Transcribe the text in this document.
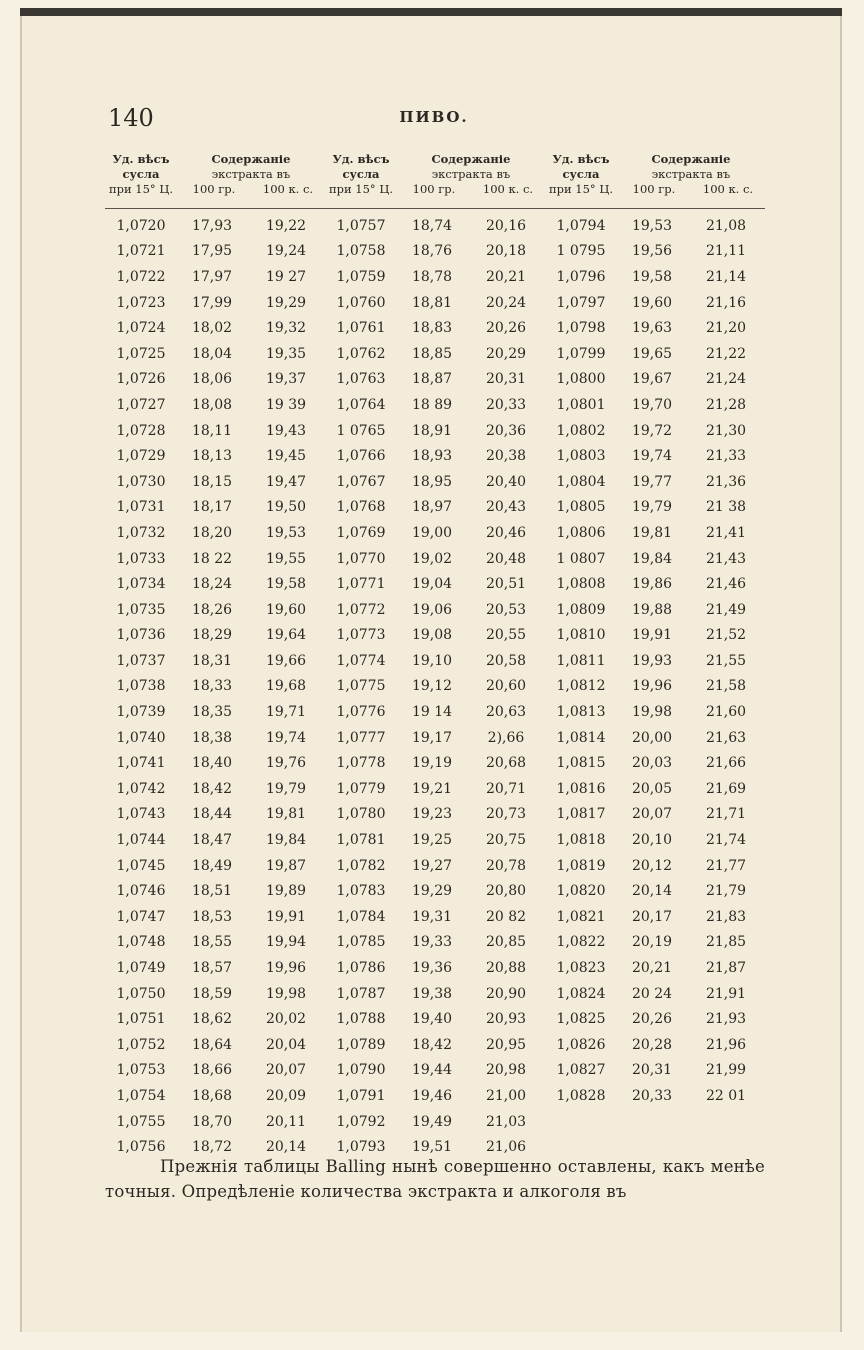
140	ПИВО.
Уд. вѣсъ
сусла
при 15° Ц.
Содержаніе
экстракта въ
100 гр.	100 к. с.
Уд. вѣсъ
сусла
при 15° Ц.
Содержаніе
экстракта въ
100 гр.	100 к. с.
Уд. вѣсъ
сусла
при 15° Ц.
Содержаніе
экстракта въ
100 гр.	100 к. с.
1,0720	17,93	19,22
1,0721	17,95	19,24
1,0722	17,97	19 27
1,0723	17,99	19,29
1,0724	18,02	19,32
1,0725	18,04	19,35
1,0726	18,06	19,37
1,0727	18,08	19 39
1,0728	18,11	19,43
1,0729	18,13	19,45
1,0730	18,15	19,47
1,0731	18,17	19,50
1,0732	18,20	19,53
1,0733	18 22	19,55
1,0734	18,24	19,58
1,0735	18,26	19,60
1,0736	18,29	19,64
1,0737	18,31	19,66
1,0738	18,33	19,68
1,0739	18,35	19,71
1,0740	18,38	19,74
1,0741	18,40	19,76
1,0742	18,42	19,79
1,0743	18,44	19,81
1,0744	18,47	19,84
1,0745	18,49	19,87
1,0746	18,51	19,89
1,0747	18,53	19,91
1,0748	18,55	19,94
1,0749	18,57	19,96
1,0750	18,59	19,98
1,0751	18,62	20,02
1,0752	18,64	20,04
1,0753	18,66	20,07
1,0754	18,68	20,09
1,0755	18,70	20,11
1,0756	18,72	20,14
1,0757	18,74	20,16
1,0758	18,76	20,18
1,0759	18,78	20,21
1,0760	18,81	20,24
1,0761	18,83	20,26
1,0762	18,85	20,29
1,0763	18,87	20,31
1,0764	18 89	20,33
1 0765	18,91	20,36
1,0766	18,93	20,38
1,0767	18,95	20,40
1,0768	18,97	20,43
1,0769	19,00	20,46
1,0770	19,02	20,48
1,0771	19,04	20,51
1,0772	19,06	20,53
1,0773	19,08	20,55
1,0774	19,10	20,58
1,0775	19,12	20,60
1,0776	19 14	20,63
1,0777	19,17	2),66
1,0778	19,19	20,68
1,0779	19,21	20,71
1,0780	19,23	20,73
1,0781	19,25	20,75
1,0782	19,27	20,78
1,0783	19,29	20,80
1,0784	19,31	20 82
1,0785	19,33	20,85
1,0786	19,36	20,88
1,0787	19,38	20,90
1,0788	19,40	20,93
1,0789	18,42	20,95
1,0790	19,44	20,98
1,0791	19,46	21,00
1,0792	19,49	21,03
1,0793	19,51	21,06
1,0794	19,53	21,08
1 0795	19,56	21,11
1,0796	19,58	21,14
1,0797	19,60	21,16
1,0798	19,63	21,20
1,0799	19,65	21,22
1,0800	19,67	21,24
1,0801	19,70	21,28
1,0802	19,72	21,30
1,0803	19,74	21,33
1,0804	19,77	21,36
1,0805	19,79	21 38
1,0806	19,81	21,41
1 0807	19,84	21,43
1,0808	19,86	21,46
1,0809	19,88	21,49
1,0810	19,91	21,52
1,0811	19,93	21,55
1,0812	19,96	21,58
1,0813	19,98	21,60
1,0814	20,00	21,63
1,0815	20,03	21,66
1,0816	20,05	21,69
1,0817	20,07	21,71
1,0818	20,10	21,74
1,0819	20,12	21,77
1,0820	20,14	21,79
1,0821	20,17	21,83
1,0822	20,19	21,85
1,0823	20,21	21,87
1,0824	20 24	21,91
1,0825	20,26	21,93
1,0826	20,28	21,96
1,0827	20,31	21,99
1,0828	20,33	22 01

Прежнія таблицы Balling нынѣ совершенно оставлены, какъ менѣе точныя. Опредѣленіе количества экстракта и алкоголя въ
